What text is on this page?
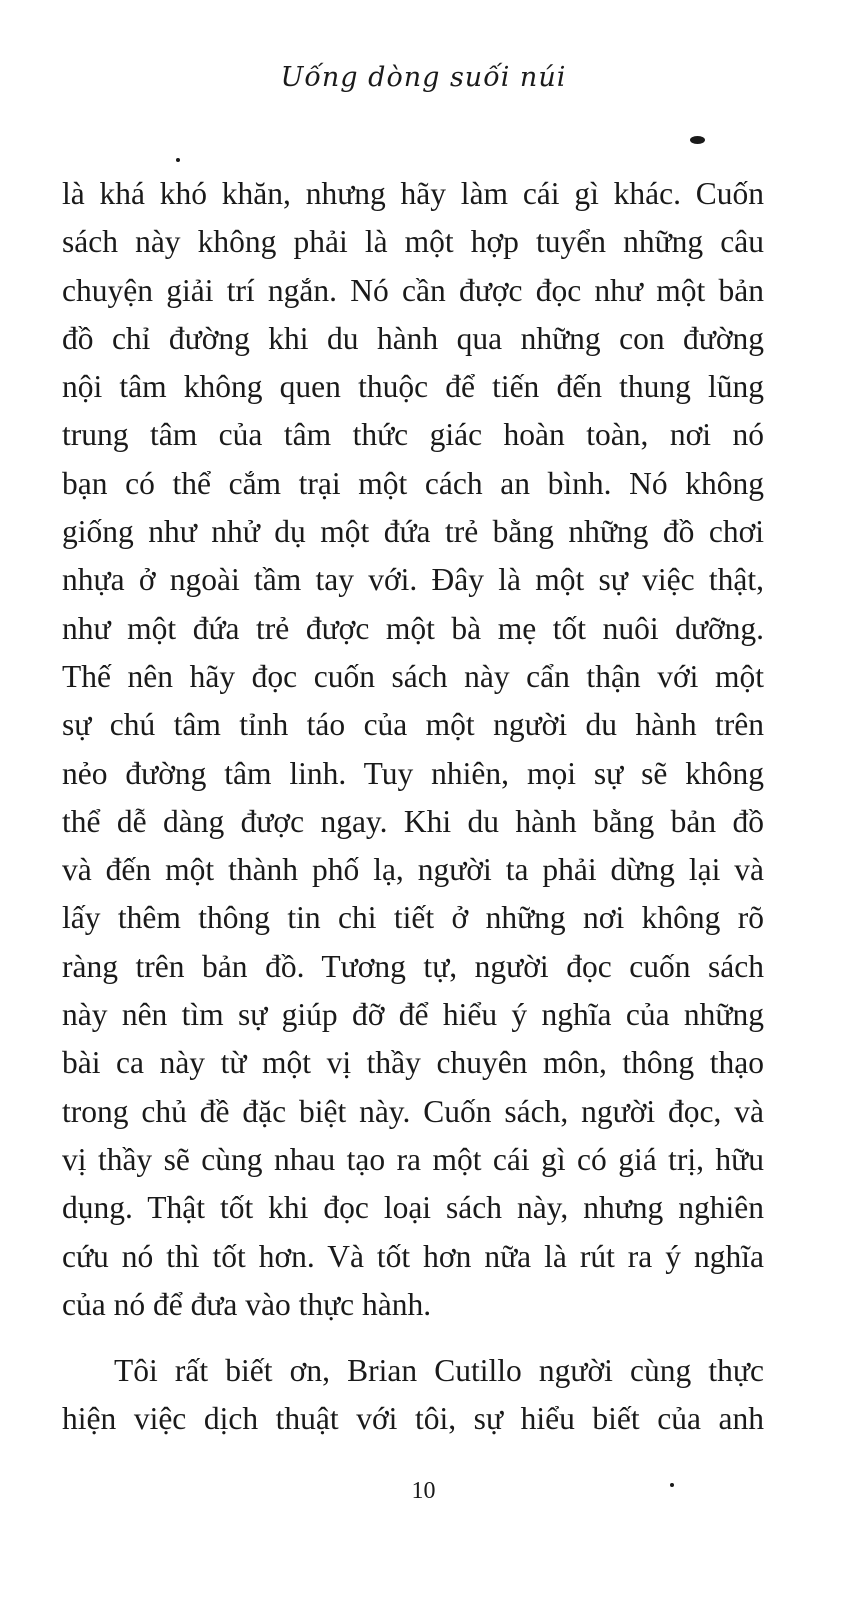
Uống dòng suối núi
là khá khó khăn, nhưng hãy làm cái gì khác. Cuốn
sách này không phải là một hợp tuyển những câu
chuyện giải trí ngắn. Nó cần được đọc như một bản
đồ chỉ đường khi du hành qua những con đường
nội tâm không quen thuộc để tiến đến thung lũng
trung tâm của tâm thức giác hoàn toàn, nơi nó
bạn có thể cắm trại một cách an bình. Nó không
giống như nhử dụ một đứa trẻ bằng những đồ chơi
nhựa ở ngoài tầm tay với. Đây là một sự việc thật,
như một đứa trẻ được một bà mẹ tốt nuôi dưỡng.
Thế nên hãy đọc cuốn sách này cẩn thận với một
sự chú tâm tỉnh táo của một người du hành trên
nẻo đường tâm linh. Tuy nhiên, mọi sự sẽ không
thể dễ dàng được ngay. Khi du hành bằng bản đồ
và đến một thành phố lạ, người ta phải dừng lại và
lấy thêm thông tin chi tiết ở những nơi không rõ
ràng trên bản đồ. Tương tự, người đọc cuốn sách
này nên tìm sự giúp đỡ để hiểu ý nghĩa của những
bài ca này từ một vị thầy chuyên môn, thông thạo
trong chủ đề đặc biệt này. Cuốn sách, người đọc, và
vị thầy sẽ cùng nhau tạo ra một cái gì có giá trị, hữu
dụng. Thật tốt khi đọc loại sách này, nhưng nghiên
cứu nó thì tốt hơn. Và tốt hơn nữa là rút ra ý nghĩa
của nó để đưa vào thực hành.
Tôi rất biết ơn, Brian Cutillo người cùng thực
hiện việc dịch thuật với tôi, sự hiểu biết của anh
10
